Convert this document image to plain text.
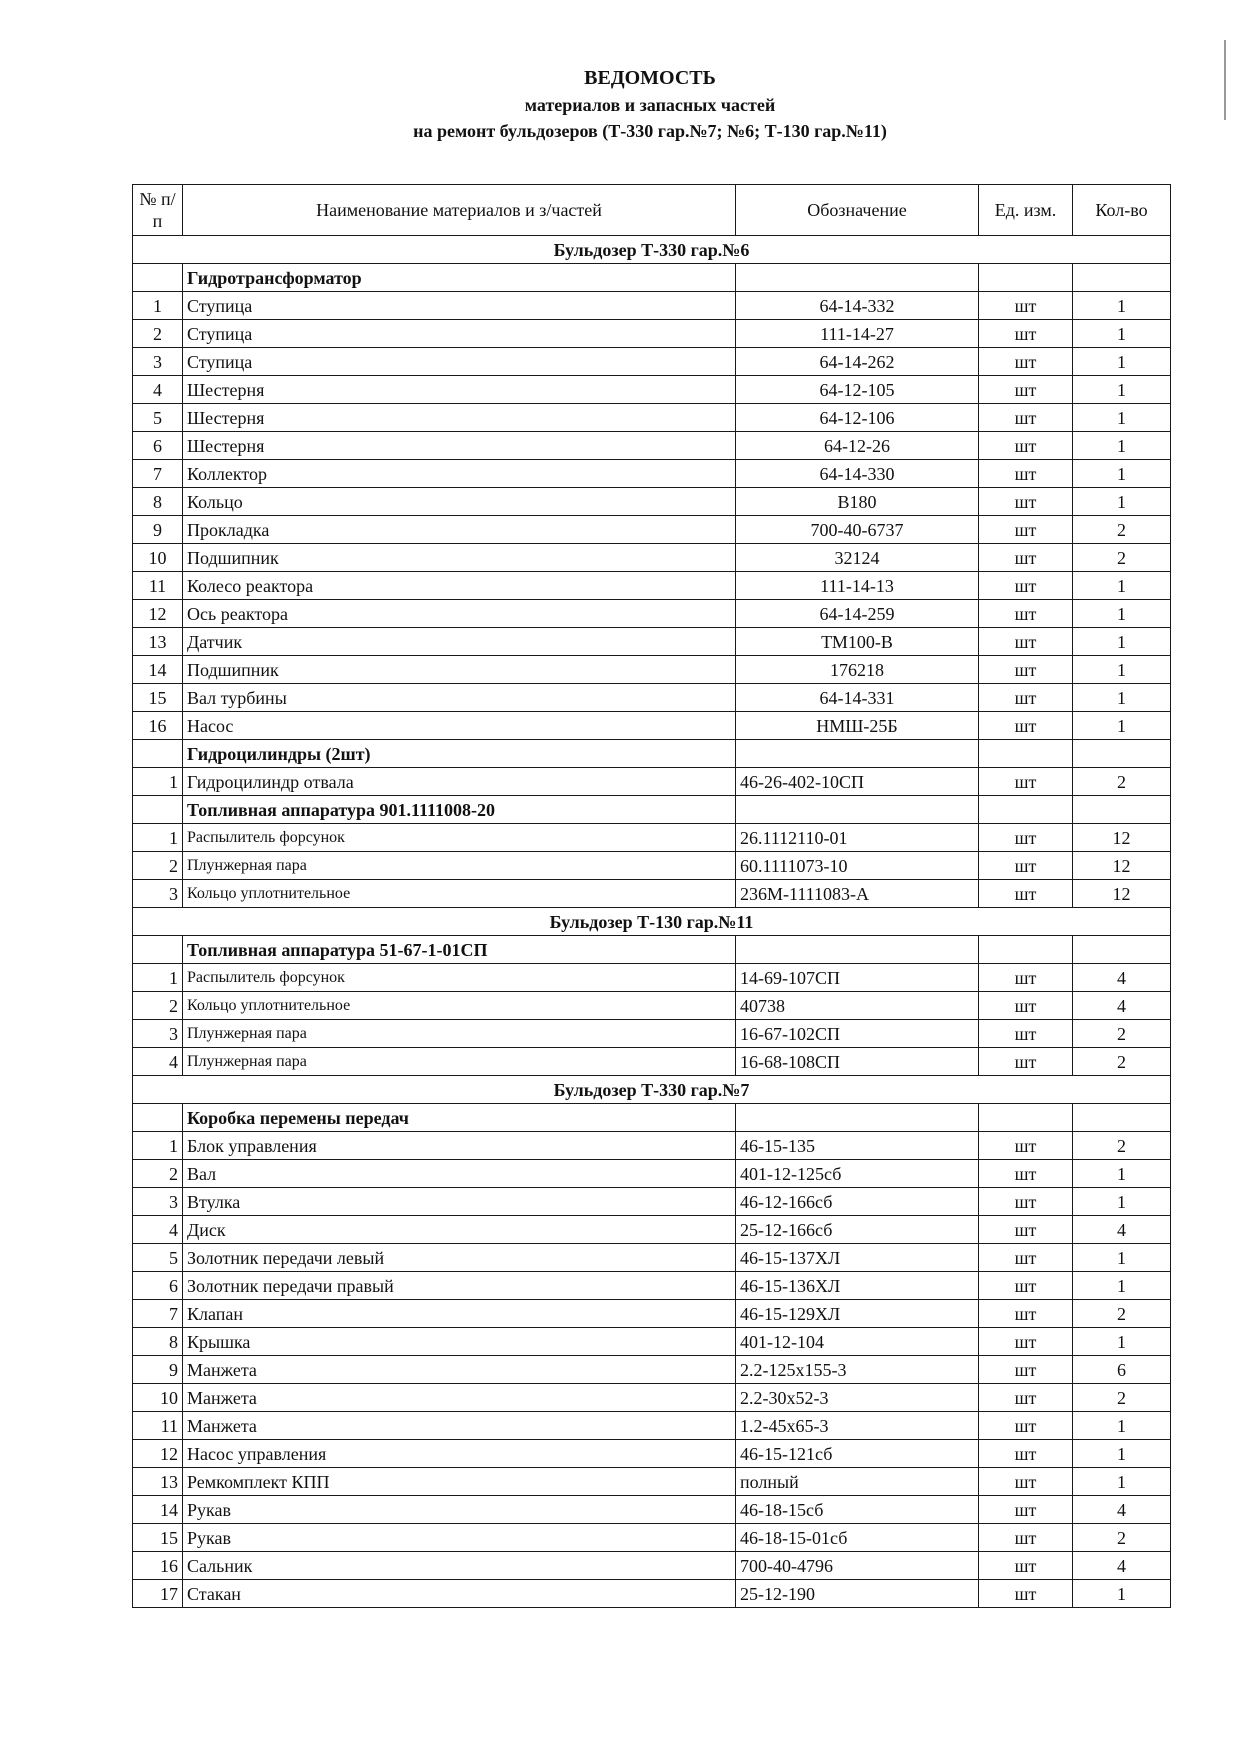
ВЕДОМОСТЬ
материалов и запасных частей
на ремонт бульдозеров (Т-330 гар.№7; №6; Т-130 гар.№11)
№ п/п	Наименование материалов и з/частей	Обозначение	Ед. изм.	Кол-во
Бульдозер Т-330 гар.№6				
	Гидротрансформатор			
1	Ступица	64-14-332	шт	1
2	Ступица	111-14-27	шт	1
3	Ступица	64-14-262	шт	1
4	Шестерня	64-12-105	шт	1
5	Шестерня	64-12-106	шт	1
6	Шестерня	64-12-26	шт	1
7	Коллектор	64-14-330	шт	1
8	Кольцо	В180	шт	1
9	Прокладка	700-40-6737	шт	2
10	Подшипник	32124	шт	2
11	Колесо реактора	111-14-13	шт	1
12	Ось реактора	64-14-259	шт	1
13	Датчик	ТМ100-В	шт	1
14	Подшипник	176218	шт	1
15	Вал турбины	64-14-331	шт	1
16	Насос	НМШ-25Б	шт	1
	Гидроцилиндры (2шт)			
1	Гидроцилиндр отвала	46-26-402-10СП	шт	2
	Топливная аппаратура 901.1111008-20			
1	Распылитель форсунок	26.1112110-01	шт	12
2	Плунжерная пара	60.1111073-10	шт	12
3	Кольцо уплотнительное	236М-1111083-А	шт	12
Бульдозер Т-130 гар.№11				
	Топливная аппаратура 51-67-1-01СП			
1	Распылитель форсунок	14-69-107СП	шт	4
2	Кольцо уплотнительное	40738	шт	4
3	Плунжерная пара	16-67-102СП	шт	2
4	Плунжерная пара	16-68-108СП	шт	2
Бульдозер Т-330 гар.№7				
	Коробка перемены передач			
1	Блок управления	46-15-135	шт	2
2	Вал	401-12-125сб	шт	1
3	Втулка	46-12-166сб	шт	1
4	Диск	25-12-166сб	шт	4
5	Золотник передачи левый	46-15-137ХЛ	шт	1
6	Золотник передачи правый	46-15-136ХЛ	шт	1
7	Клапан	46-15-129ХЛ	шт	2
8	Крышка	401-12-104	шт	1
9	Манжета	2.2-125x155-3	шт	6
10	Манжета	2.2-30x52-3	шт	2
11	Манжета	1.2-45x65-3	шт	1
12	Насос управления	46-15-121сб	шт	1
13	Ремкомплект КПП	полный	шт	1
14	Рукав	46-18-15сб	шт	4
15	Рукав	46-18-15-01сб	шт	2
16	Сальник	700-40-4796	шт	4
17	Стакан	25-12-190	шт	1
